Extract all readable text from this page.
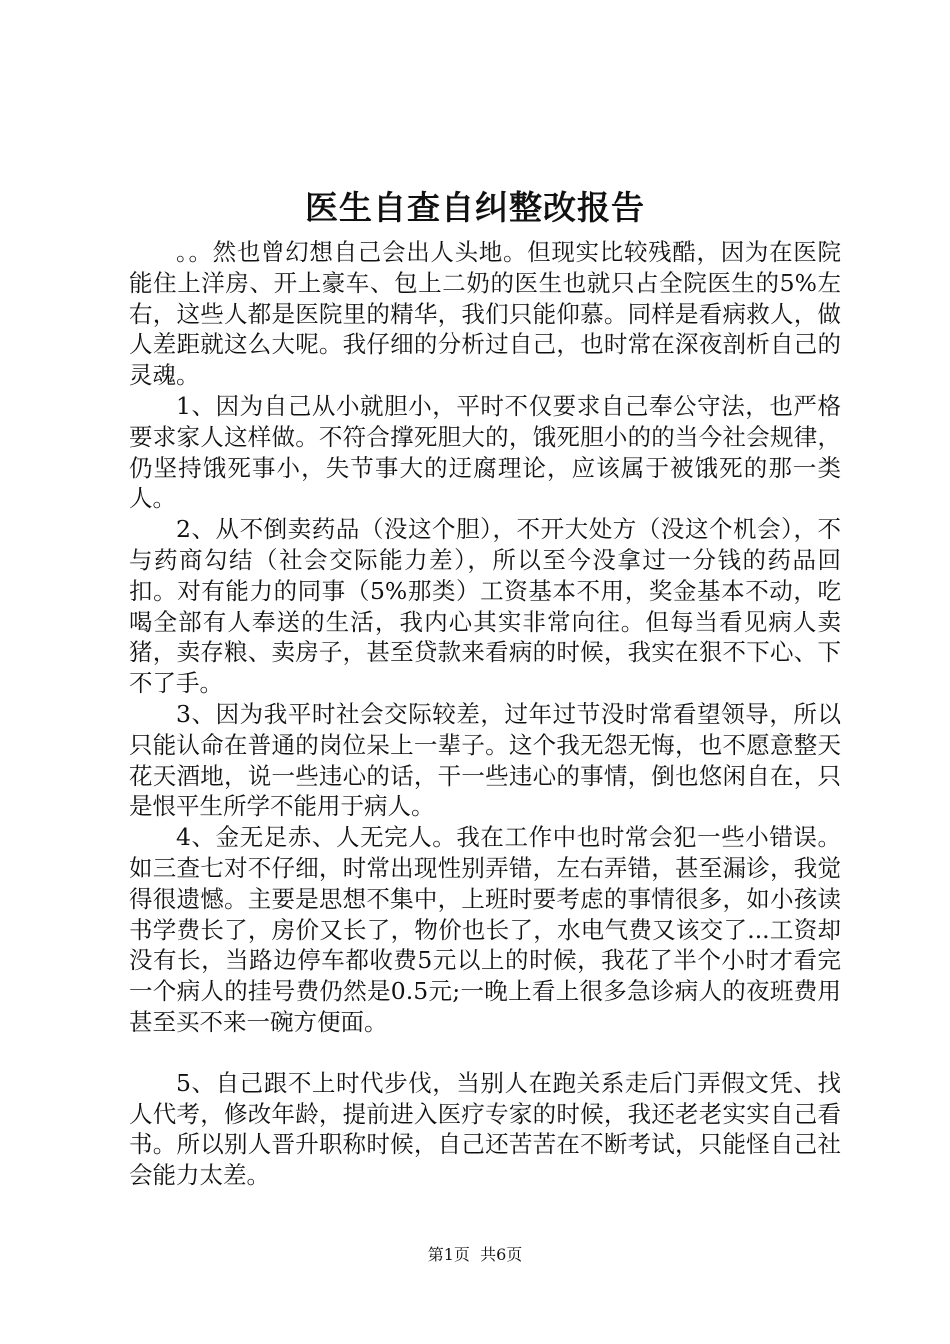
医生自查自纠整改报告

。。然也曾幻想自己会出人头地。但现实比较残酷，因为在医院能住上洋房、开上豪车、包上二奶的医生也就只占全院医生的5%左右，这些人都是医院里的精华，我们只能仰慕。同样是看病救人，做人差距就这么大呢。我仔细的分析过自己，也时常在深夜剖析自己的灵魂。

1、因为自己从小就胆小，平时不仅要求自己奉公守法，也严格要求家人这样做。不符合撑死胆大的，饿死胆小的的当今社会规律，仍坚持饿死事小，失节事大的迂腐理论，应该属于被饿死的那一类人。

2、从不倒卖药品（没这个胆），不开大处方（没这个机会），不与药商勾结（社会交际能力差），所以至今没拿过一分钱的药品回扣。对有能力的同事（5%那类）工资基本不用，奖金基本不动，吃喝全部有人奉送的生活，我内心其实非常向往。但每当看见病人卖猪，卖存粮、卖房子，甚至贷款来看病的时候，我实在狠不下心、下不了手。

3、因为我平时社会交际较差，过年过节没时常看望领导，所以只能认命在普通的岗位呆上一辈子。这个我无怨无悔，也不愿意整天花天酒地，说一些违心的话，干一些违心的事情，倒也悠闲自在，只是恨平生所学不能用于病人。

4、金无足赤、人无完人。我在工作中也时常会犯一些小错误。如三查七对不仔细，时常出现性别弄错，左右弄错，甚至漏诊，我觉得很遗憾。主要是思想不集中，上班时要考虑的事情很多，如小孩读书学费长了，房价又长了，物价也长了，水电气费又该交了...工资却没有长，当路边停车都收费5元以上的时候，我花了半个小时才看完一个病人的挂号费仍然是0.5元;一晚上看上很多急诊病人的夜班费用甚至买不来一碗方便面。

5、自己跟不上时代步伐，当别人在跑关系走后门弄假文凭、找人代考，修改年龄，提前进入医疗专家的时候，我还老老实实自己看书。所以别人晋升职称时候，自己还苦苦在不断考试，只能怪自己社会能力太差。

第1页  共6页
